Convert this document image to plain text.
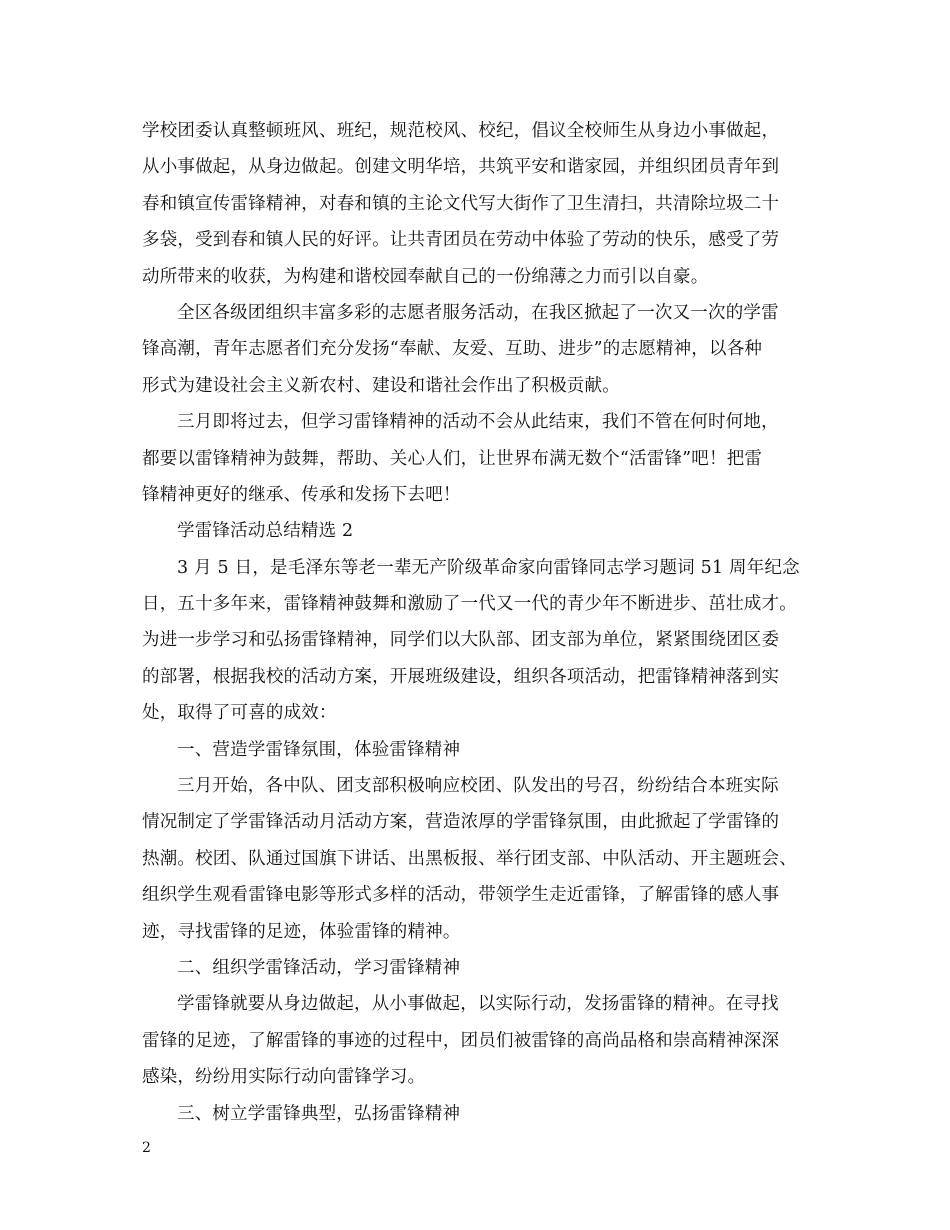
学校团委认真整顿班风、班纪，规范校风、校纪，倡议全校师生从身边小事做起，
从小事做起，从身边做起。创建文明华培，共筑平安和谐家园，并组织团员青年到
春和镇宣传雷锋精神，对春和镇的主论文代写大街作了卫生清扫，共清除垃圾二十
多袋，受到春和镇人民的好评。让共青团员在劳动中体验了劳动的快乐，感受了劳
动所带来的收获，为构建和谐校园奉献自己的一份绵薄之力而引以自豪。
全区各级团组织丰富多彩的志愿者服务活动，在我区掀起了一次又一次的学雷
锋高潮，青年志愿者们充分发扬“奉献、友爱、互助、进步”的志愿精神，以各种
形式为建设社会主义新农村、建设和谐社会作出了积极贡献。
三月即将过去，但学习雷锋精神的活动不会从此结束，我们不管在何时何地，
都要以雷锋精神为鼓舞，帮助、关心人们，让世界布满无数个“活雷锋”吧！把雷
锋精神更好的继承、传承和发扬下去吧！
学雷锋活动总结精选 2
3 月 5 日，是毛泽东等老一辈无产阶级革命家向雷锋同志学习题词 51 周年纪念
日，五十多年来，雷锋精神鼓舞和激励了一代又一代的青少年不断进步、茁壮成才。
为进一步学习和弘扬雷锋精神，同学们以大队部、团支部为单位，紧紧围绕团区委
的部署，根据我校的活动方案，开展班级建设，组织各项活动，把雷锋精神落到实
处，取得了可喜的成效：
一、营造学雷锋氛围，体验雷锋精神
三月开始，各中队、团支部积极响应校团、队发出的号召，纷纷结合本班实际
情况制定了学雷锋活动月活动方案，营造浓厚的学雷锋氛围，由此掀起了学雷锋的
热潮。校团、队通过国旗下讲话、出黑板报、举行团支部、中队活动、开主题班会、
组织学生观看雷锋电影等形式多样的活动，带领学生走近雷锋，了解雷锋的感人事
迹，寻找雷锋的足迹，体验雷锋的精神。
二、组织学雷锋活动，学习雷锋精神
学雷锋就要从身边做起，从小事做起，以实际行动，发扬雷锋的精神。在寻找
雷锋的足迹，了解雷锋的事迹的过程中，团员们被雷锋的高尚品格和崇高精神深深
感染，纷纷用实际行动向雷锋学习。
三、树立学雷锋典型，弘扬雷锋精神
2
